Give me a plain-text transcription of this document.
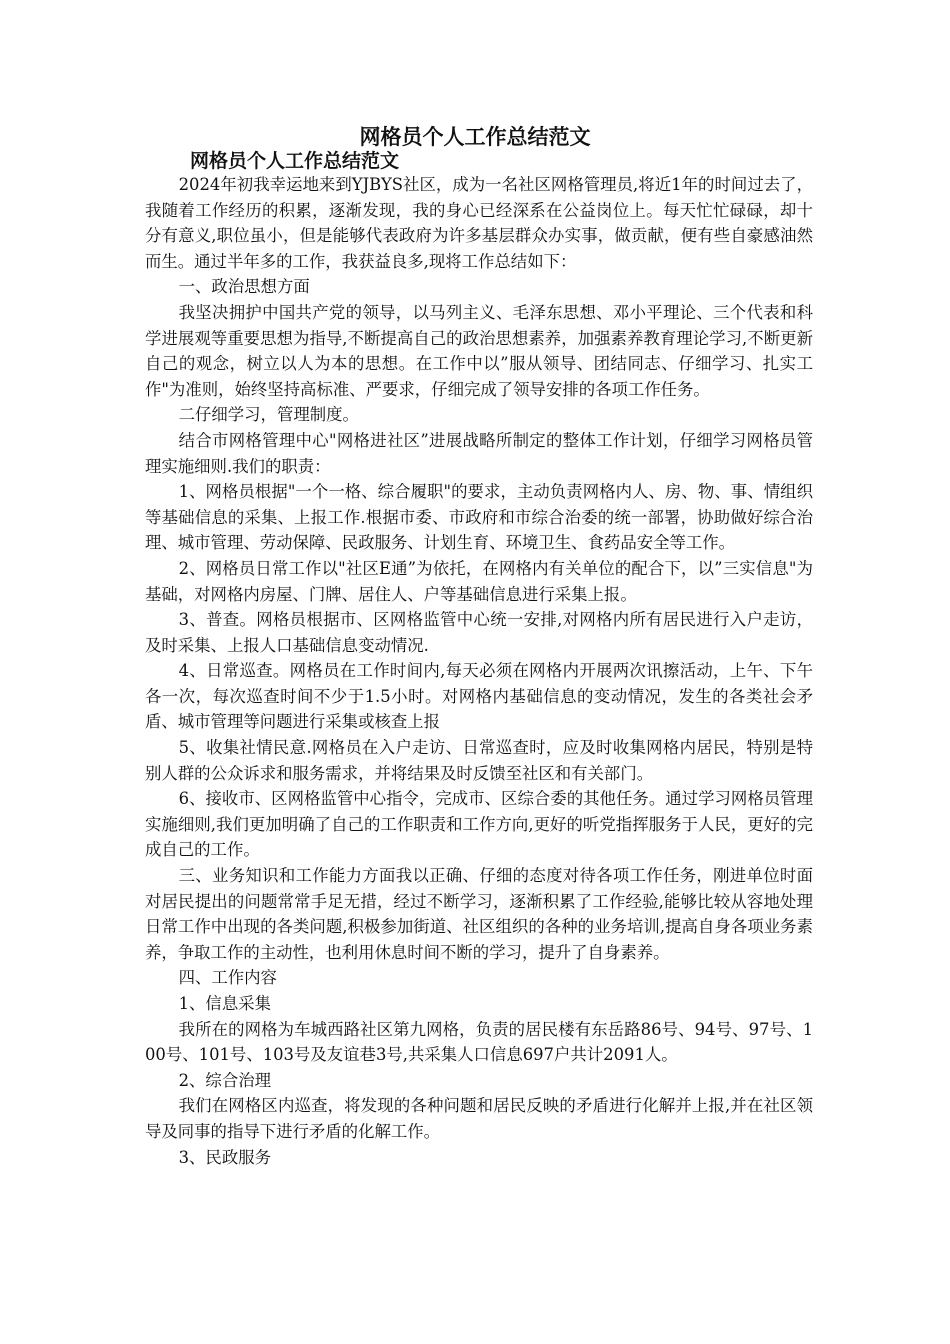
网格员个人工作总结范文
网格员个人工作总结范文

2024年初我幸运地来到YJBYS社区，成为一名社区网格管理员,将近1年的时间过去了，我随着工作经历的积累，逐渐发现，我的身心已经深系在公益岗位上。每天忙忙碌碌，却十分有意义,职位虽小，但是能够代表政府为许多基层群众办实事，做贡献，便有些自豪感油然而生。通过半年多的工作，我获益良多,现将工作总结如下：

一、政治思想方面

我坚决拥护中国共产党的领导，以马列主义、毛泽东思想、邓小平理论、三个代表和科学进展观等重要思想为指导,不断提高自己的政治思想素养，加强素养教育理论学习,不断更新自己的观念，树立以人为本的思想。在工作中以”服从领导、团结同志、仔细学习、扎实工作"为准则，始终坚持高标准、严要求，仔细完成了领导安排的各项工作任务。

二仔细学习，管理制度。

结合市网格管理中心"网格进社区”进展战略所制定的整体工作计划，仔细学习网格员管理实施细则.我们的职责：

1、网格员根据"一个一格、综合履职"的要求，主动负责网格内人、房、物、事、情组织等基础信息的采集、上报工作.根据市委、市政府和市综合治委的统一部署，协助做好综合治理、城市管理、劳动保障、民政服务、计划生育、环境卫生、食药品安全等工作。

2、网格员日常工作以"社区E通”为依托，在网格内有关单位的配合下，以”三实信息"为基础，对网格内房屋、门牌、居住人、户等基础信息进行采集上报。

3、普查。网格员根据市、区网格监管中心统一安排,对网格内所有居民进行入户走访，及时采集、上报人口基础信息变动情况.

4、日常巡查。网格员在工作时间内,每天必须在网格内开展两次讯擦活动，上午、下午各一次，每次巡查时间不少于1.5小时。对网格内基础信息的变动情况，发生的各类社会矛盾、城市管理等问题进行采集或核查上报

5、收集社情民意.网格员在入户走访、日常巡查时，应及时收集网格内居民，特别是特别人群的公众诉求和服务需求，并将结果及时反馈至社区和有关部门。

6、接收市、区网格监管中心指令，完成市、区综合委的其他任务。通过学习网格员管理实施细则,我们更加明确了自己的工作职责和工作方向,更好的听党指挥服务于人民，更好的完成自己的工作。

三、业务知识和工作能力方面我以正确、仔细的态度对待各项工作任务，刚进单位时面对居民提出的问题常常手足无措，经过不断学习，逐渐积累了工作经验,能够比较从容地处理日常工作中出现的各类问题,积极参加街道、社区组织的各种的业务培训,提高自身各项业务素养，争取工作的主动性，也利用休息时间不断的学习，提升了自身素养。

四、工作内容

1、信息采集

我所在的网格为车城西路社区第九网格，负责的居民楼有东岳路86号、94号、97号、100号、101号、103号及友谊巷3号,共采集人口信息697户共计2091人。

2、综合治理

我们在网格区内巡查，将发现的各种问题和居民反映的矛盾进行化解并上报,并在社区领导及同事的指导下进行矛盾的化解工作。

3、民政服务
